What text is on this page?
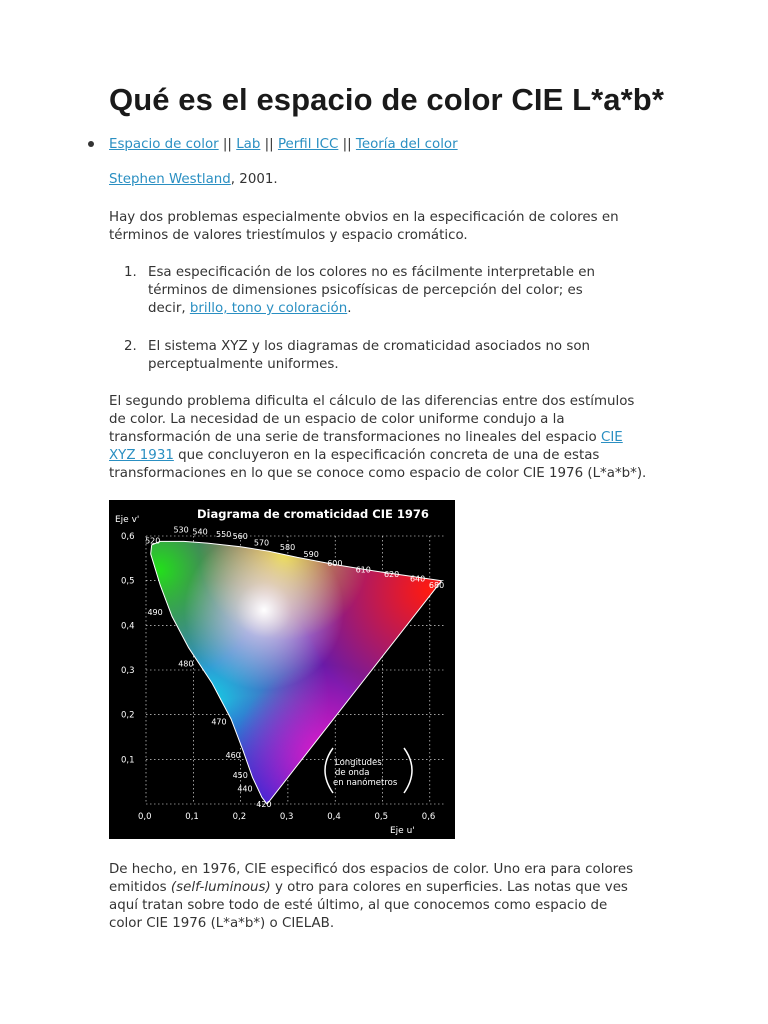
Qué es el espacio de color CIE L*a*b*
Espacio de color || Lab || Perfil ICC || Teoría del color
Stephen Westland, 2001.
Hay dos problemas especialmente obvios en la especificación de colores en términos de valores triestímulos y espacio cromático.
1. Esa especificación de los colores no es fácilmente interpretable en
términos de dimensiones psicofísicas de percepción del color; es
decir, brillo, tono y coloración.
2. El sistema XYZ y los diagramas de cromaticidad asociados no son
perceptualmente uniformes.
El segundo problema dificulta el cálculo de las diferencias entre dos estímulos
de color. La necesidad de un espacio de color uniforme condujo a la
transformación de una serie de transformaciones no lineales del espacio CIE
XYZ 1931 que concluyeron en la especificación concreta de una de estas
transformaciones en lo que se conoce como espacio de color CIE 1976 (L*a*b*).
Diagrama de cromaticidad CIE 1976
Eje v'
Eje u'
0,0	0,1	0,2	0,3	0,4	0,5	0,6
0,1
0,2
0,3
0,4
0,5
0,6
420
440
450
460
470
480
490
520
530 540 550 560
570 580
590
600
610 620 640
680
Longitudes
de onda
en nanómetros
De hecho, en 1976, CIE especificó dos espacios de color. Uno era para colores
emitidos (self-luminous) y otro para colores en superficies. Las notas que ves
aquí tratan sobre todo de esté último, al que conocemos como espacio de
color CIE 1976 (L*a*b*) o CIELAB.
